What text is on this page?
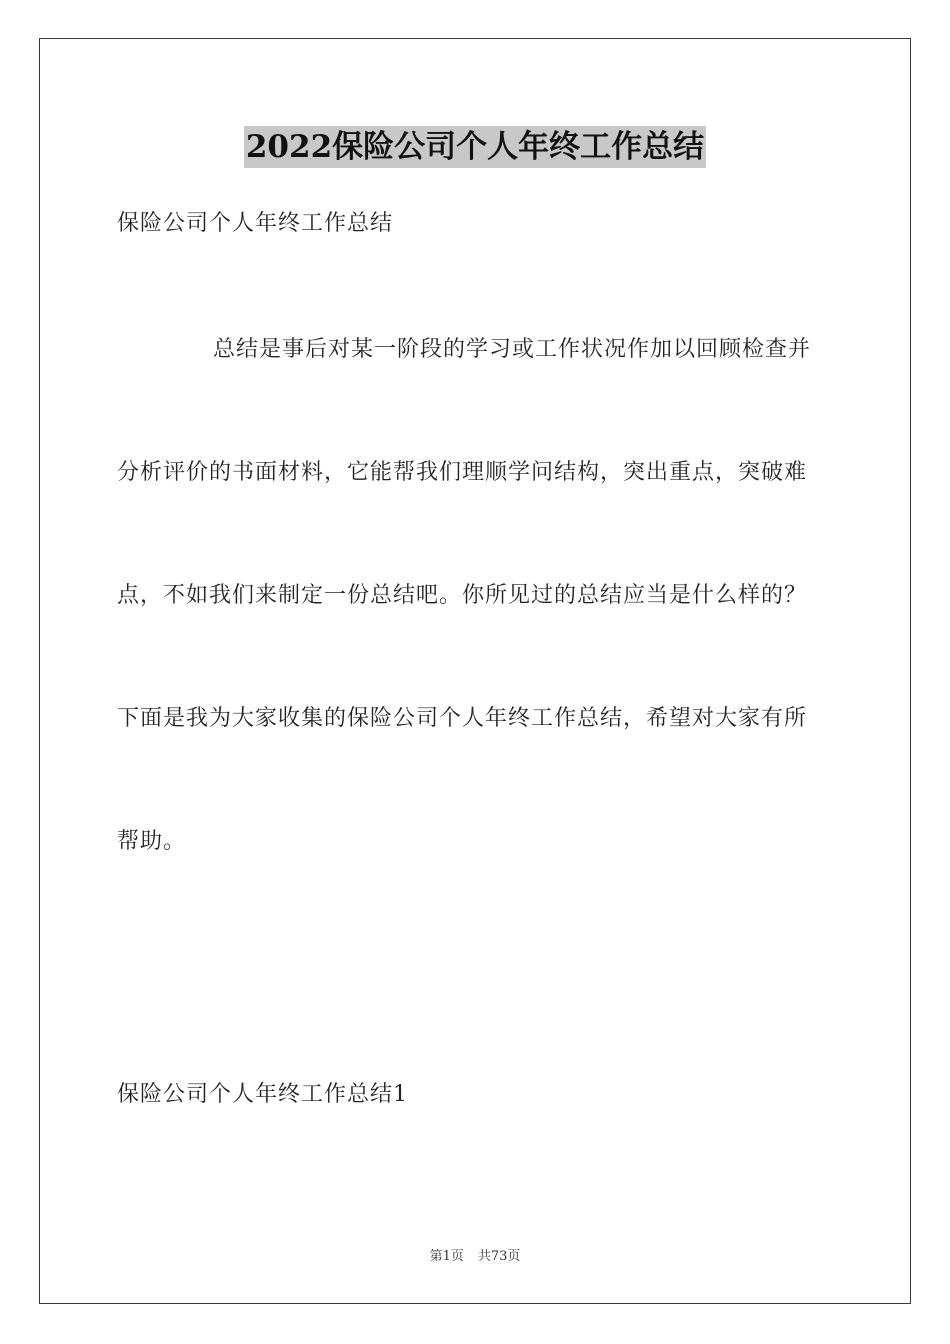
2022保险公司个人年终工作总结
保险公司个人年终工作总结
总结是事后对某一阶段的学习或工作状况作加以回顾检查并
分析评价的书面材料，它能帮我们理顺学问结构，突出重点，突破难
点，不如我们来制定一份总结吧。你所见过的总结应当是什么样的？
下面是我为大家收集的保险公司个人年终工作总结，希望对大家有所
帮助。
保险公司个人年终工作总结1
第1页 共73页
